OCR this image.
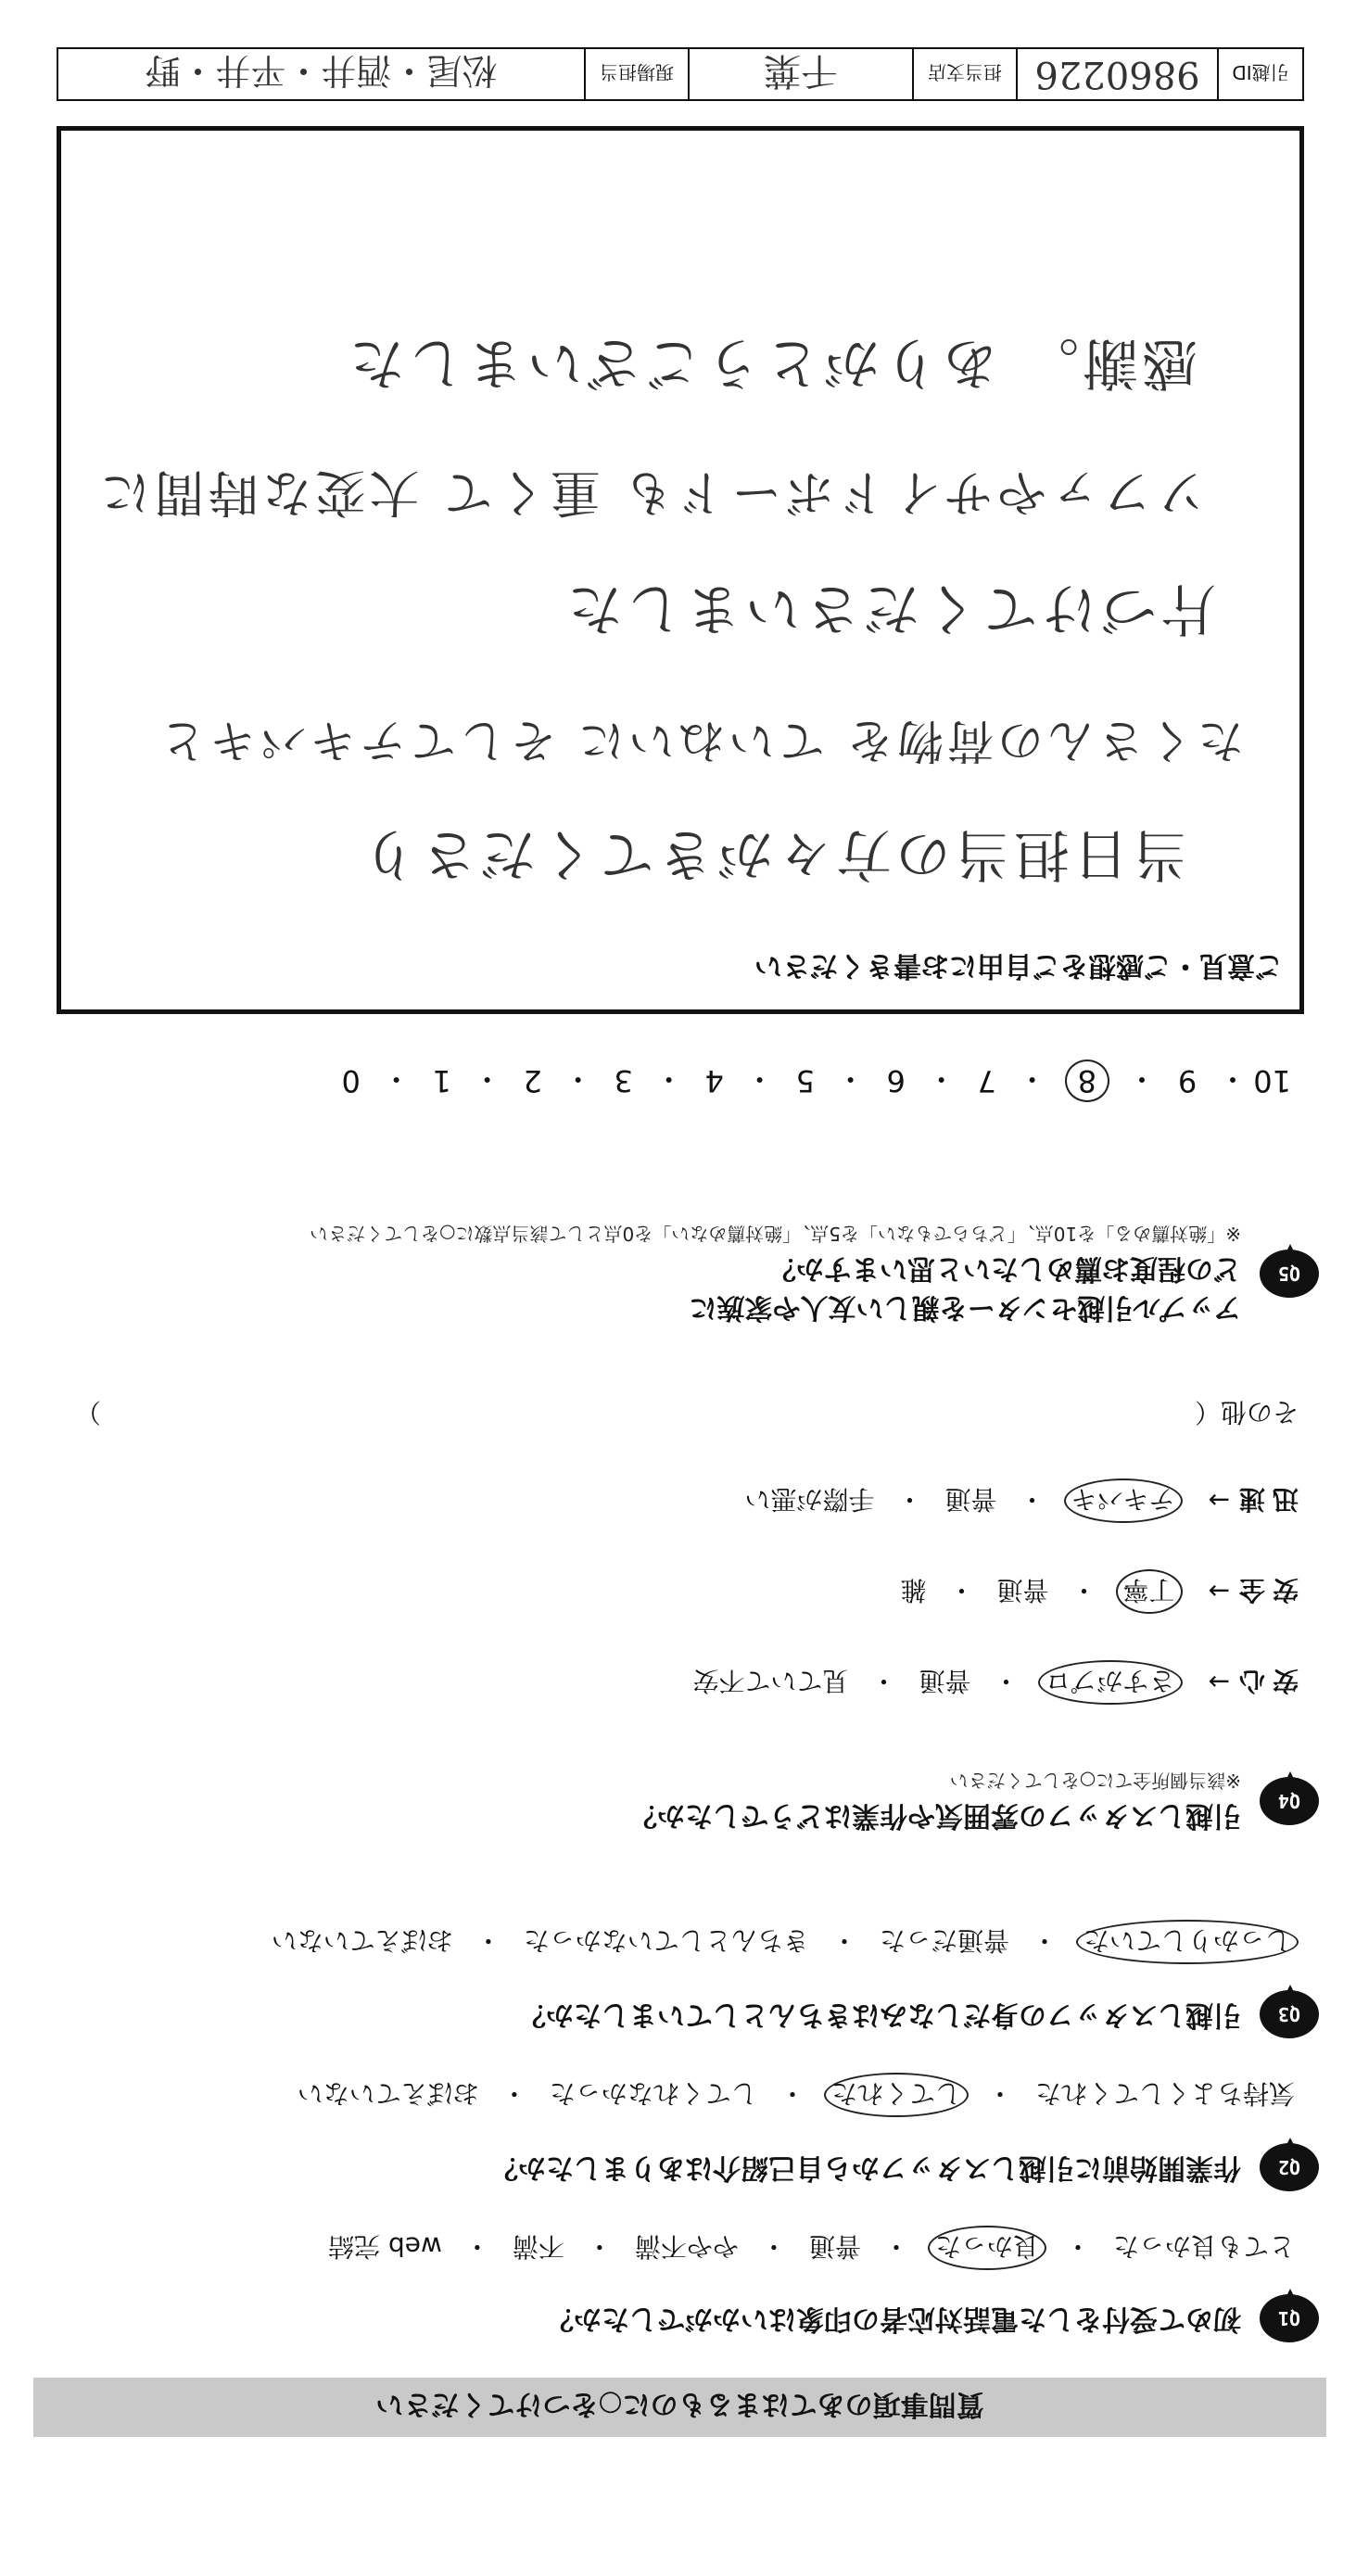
質問事項のあてはまるものに○をつけてください
Q1
初めて受付をした電話対応者の印象はいかがでしたか？
とても良かった
・
良かった
・
普通
・
やや不満
・
不満
・
web 完結
Q2
作業開始前に引越しスタッフから自己紹介はありましたか？
気持ちよくしてくれた
・
してくれた
・
してくれなかった
・
おぼえていない
Q3
引越しスタッフの身だしなみはきちんとしていましたか？
しっかりしていた
・
普通だった
・
きちんとしていなかった
・
おぼえていない
Q4
引越しスタッフの雰囲気や作業はどうでしたか？
※該当個所全てに○をしてください
安心
→
さすがプロ
・
普通
・
見ていて不安
安全
→
丁寧
・
普通
・
雑
迅速
→
テキパキ
・
普通
・
手際が悪い
その他（
）
Q5
アップル引越センターを親しい友人や家族に
どの程度お薦めしたいと思いますか？
※「絶対薦める」を10点、「どちらでもない」を5点、「絶対薦めない」を0点として該当点数に○をしてください
10
・
9
・
8
・
7
・
6
・
5
・
4
・
3
・
2
・
1
・
0
ご意見・ご感想をご自由にお書きください
当日担当の方々がきてくださり
たくさんの荷物を ていねいに そしてテキパキと
片づけてくださいました
ソファやサイドボードも 重くて 大変な時間に
感謝。 ありがとうございました
引越ID
9860226
担当支店
千葉
現場担当
松尾・酒井・平井・野
